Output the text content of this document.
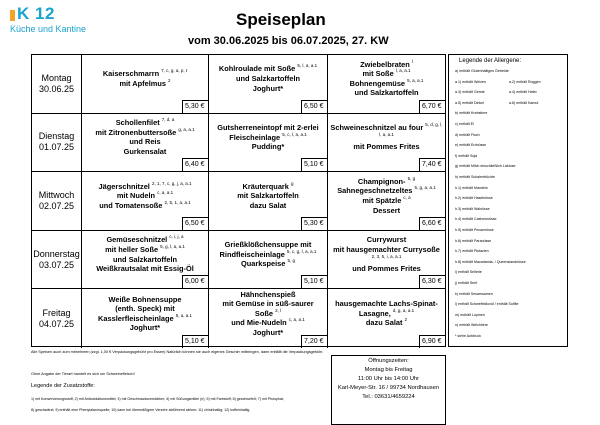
K 12
Küche und Kantine	Speiseplan
vom 30.06.2025 bis 06.07.2025, 27. KW
Montag
30.06.25
Kaiserschmarrn $^{7, c, g, a, p, t}$
mit Apfelmus $^2$
5,30 €
Kohlroulade mit Soße $^{5, l, a, a.1}$
und Salzkartoffeln
Joghurt*
6,50 €
Zwiebelbraten $^l$
mit Soße $^{l, a, a.1}$
Bohnengemüse $^{5, a, a.1}$
und Salzkartoffeln
6,70 €
Dienstag
01.07.25
Schollenfilet $^{7, d, a}$
mit Zitronenbuttersoße $^{g, a, a.1}$
und Reis
Gurkensalat
6,40 €
Gutsherreneintopf mit 2-erlei
Fleischeinlage $^{5, c, l, a, a.1}$
Pudding*
5,10 €
Schweineschnitzel au four $^{5, d, g, l, l, a, a.1}$
mit Pommes Frites
7,40 €
Mittwoch
02.07.25
Jägerschnitzel $^{2, 1, 7, c, g, j, a, a.1}$
mit Nudeln $^{c, a, a.1}$
und Tomatensoße $^{2, 5, 1, a, a.1}$
6,50 €
Kräuterquark $^g$
mit Salzkartoffeln
dazu Salat
5,30 €
Champignon- $^{5, g}$
Sahnegeschnetzeltes $^{5, g, a, a.1}$
mit Spätzle $^{c, a}$
Dessert
6,60 €
Donnerstag
03.07.25
Gemüseschnitzel $^{c, i, j, a}$
mit heller Soße $^{5, g, l, a, a.1}$
und Salzkartoffeln
Weißkrautsalat mit Essig-Öl
6,00 €
Grießklößchensuppe mit
Rindfleischeinlage $^{5, c, g, l, a, a.1}$
Quarkspeise $^{5, g}$
5,10 €
Currywurst
mit hausgemachter Currysoße
$^{2, 3, 5, i, a, a.1}$
und Pommes Frites
6,30 €
Freitag
04.07.25
Weiße Bohnensuppe
(enth. Speck) mit
Kasslerfleischeinlage $^{5, a, a.1}$
Joghurt*
5,10 €
Hähnchenspieß
mit Gemüse in süß-saurer
Soße $^{2, l}$
und Mie-Nudeln $^{c, a, a.1}$
Joghurt*
7,20 €
hausgemachte Lachs-Spinat-
Lasagne, $^{d, g, a, a.1}$
dazu Salat $^2$
6,90 €
Legende der Allergene:
a) enthält Glutenhaltiges Getreide
a.1) enthält Weizen	a.2) enthält Roggen
a.3) enthält Gerste	a.4) enthält Hafer
a.5) enthält Dinkel	a.6) enthält Kamut
b) enthält Krebstiere
c) enthält Ei
d) enthält Fisch
e) enthält Erdnüsse
f) enthält Soja
g) enthält Milch einschließlich Laktose
h) enthält Schalenfrüchte
h.1) enthält Mandeln
h.2) enthält Haselnüsse
h.3) enthält Walnüsse
h.4) enthält Cashewnüsse
h.5) enthält Pecannüsse
h.6) enthält Paranüsse
h.7) enthält Pistazien
h.8) enthält Macadamia- / Queenslandnüsse
i) enthält Sellerie
j) enthält Senf
k) enthält Sesamsamen
l) enthält Schwefeldioxid / enthält Sulfite
m) enthält Lupinen
n) enthält Weichtiere
* siehe Aufdruck
Alle Speisen auch zum mitnehmen (zzgl. 1,00 € Verpackungsgebühr pro Essen) Natürlich können sie auch eigenes Geschirr mitbringen, dann entfällt die Verpackungsgebühr.
Ohne Angabe der Tierart handelt es sich um Schweinefleisch!
Legende der Zusatzstoffe:
1) mit Konservierungsstoff; 2) mit Antioxidationsmittel; 3) mit Geschmacksverstärker; 4) mit Süßungsmittel (n); 5) mit Farbstoff; 6) geschwefelt; 7) mit Phosphat;
8) geschwärzt; 9) enthält eine Phenylalaninquelle; 10) kann bei übermäßigem Verzehr abführend wirken; 11) chininhaltig; 12) koffeinhaltig
Öffnungszeiten:
Montag bis Freitag
11:00 Uhr bis 14:00 Uhr
Karl-Meyer-Str. 16 / 99734 Nordhausen
Tel.: 03631/4659224
